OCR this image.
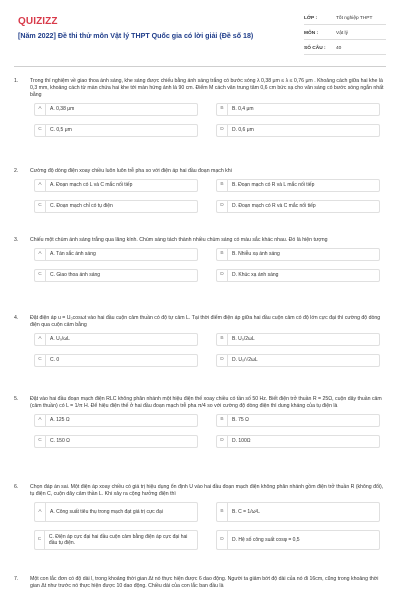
QUIZIZZ
[Năm 2022] Đề thi thử môn Vật lý THPT Quốc gia có lời giải (Đề số 18)
LỚP :	Tốt nghiệp THPT
MÔN :	Vật lý
SỐ CÂU :	40
1. Trong thí nghiệm về giao thoa ánh sáng, khe sáng được chiếu bằng ánh sáng trắng có bước sóng λ 0,38 μm ≤ λ ≤ 0,76 μm . Khoảng cách giữa hai khe là 0,3 mm, khoảng cách từ màn chứa hai khe tới màn hứng ảnh là 90 cm. Điểm M cách vân trung tâm 0,6 cm bức xạ cho vân sáng có bước sóng ngắn nhất bằng
A	A. 0,38 μm	B	B. 0,4 μm
C	C. 0,5 μm	D	D. 0,6 μm
2. Cường độ dòng điện xoay chiều luôn luôn trễ pha so với điện áp hai đầu đoạn mạch khi
A	A. Đoạn mạch có L và C mắc nối tiếp	B	B. Đoạn mạch có R và L mắc nối tiếp
C	C. Đoạn mạch chỉ có tụ điện	D	D. Đoạn mạch có R và C mắc nối tiếp
3. Chiếu một chùm ánh sáng trắng qua lăng kính. Chùm sáng tách thành nhiều chùm sáng có màu sắc khác nhau. Đó là hiện tượng
A	A. Tán sắc ánh sáng	B	B. Nhiễu xạ ánh sáng
C	C. Giao thoa ánh sáng	D	D. Khúc xạ ánh sáng
4. Đặt điện áp u = U₀cosωt vào hai đầu cuộn cảm thuần có độ tự cảm L. Tại thời điểm điện áp giữa hai đầu cuộn cảm có độ lớn cực đại thì cường độ dòng điện qua cuộn cảm bằng
A	A. U₀/ωL	B	B. U₀/2ωL
C	C. 0	D	D. U₀/√2ωL
5. Đặt vào hai đầu đoạn mạch điện RLC không phân nhánh một hiệu điện thế xoay chiều có tần số 50 Hz. Biết điện trở thuần R = 25Ω, cuộn dây thuần cảm (cảm thuần) có L = 1/π H. Để hiệu điện thế ở hai đầu đoạn mạch trễ pha π/4 so với cường độ dòng điện thì dung kháng của tụ điện là
A	A. 125 Ω	B	B. 75 Ω
C	C. 150 Ω	D	D. 100Ω
6. Chọn đáp án sai. Một điện áp xoay chiều có giá trị hiệu dụng ổn định U vào hai đầu đoạn mạch điện không phân nhánh gồm điện trở thuần R (không đổi), tụ điện C, cuộn dây cảm thần L. Khi xảy ra cộng hưởng điện thì
A	A. Công suất tiêu thụ trong mạch đạt giá trị cực đại	B	B. C = 1/ω²L
C	C. Điện áp cực đại hai đầu cuộn cảm bằng điện áp cực đại hai đầu tụ điện.
D	D. Hệ số công suất cosφ = 0,5
7. Một con lắc đơn có độ dài l, trong khoảng thời gian Δt nó thực hiện được 6 dao động. Người ta giảm bớt độ dài của nó đi 16cm, cũng trong khoảng thời gian Δt như trước nó thực hiện được 10 dao động. Chiều dài của con lắc ban đầu là
